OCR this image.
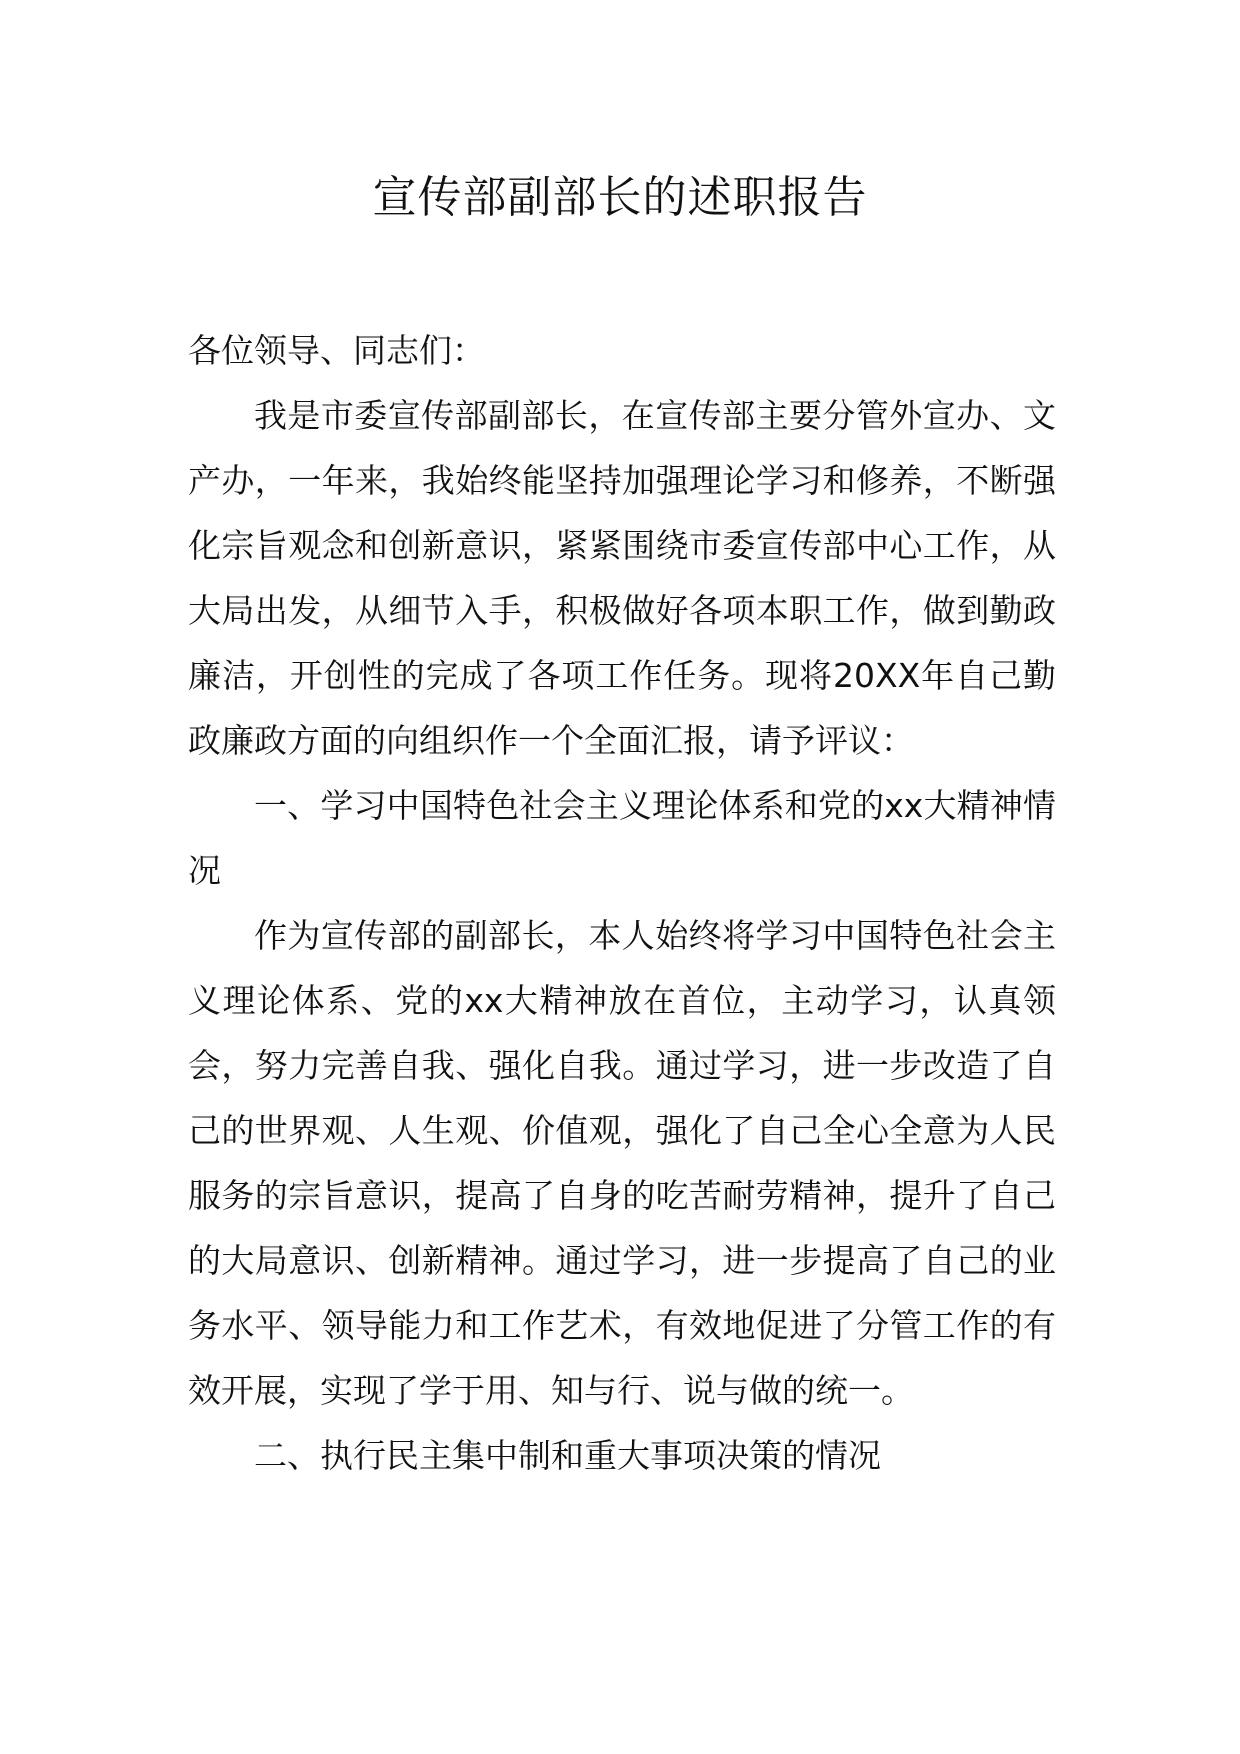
宣传部副部长的述职报告

各位领导、同志们：

我是市委宣传部副部长，在宣传部主要分管外宣办、文产办，一年来，我始终能坚持加强理论学习和修养，不断强化宗旨观念和创新意识，紧紧围绕市委宣传部中心工作，从大局出发，从细节入手，积极做好各项本职工作，做到勤政廉洁，开创性的完成了各项工作任务。现将20XX年自己勤政廉政方面的向组织作一个全面汇报，请予评议：

一、学习中国特色社会主义理论体系和党的xx大精神情况

作为宣传部的副部长，本人始终将学习中国特色社会主义理论体系、党的xx大精神放在首位，主动学习，认真领会，努力完善自我、强化自我。通过学习，进一步改造了自己的世界观、人生观、价值观，强化了自己全心全意为人民服务的宗旨意识，提高了自身的吃苦耐劳精神，提升了自己的大局意识、创新精神。通过学习，进一步提高了自己的业务水平、领导能力和工作艺术，有效地促进了分管工作的有效开展，实现了学于用、知与行、说与做的统一。

二、执行民主集中制和重大事项决策的情况
